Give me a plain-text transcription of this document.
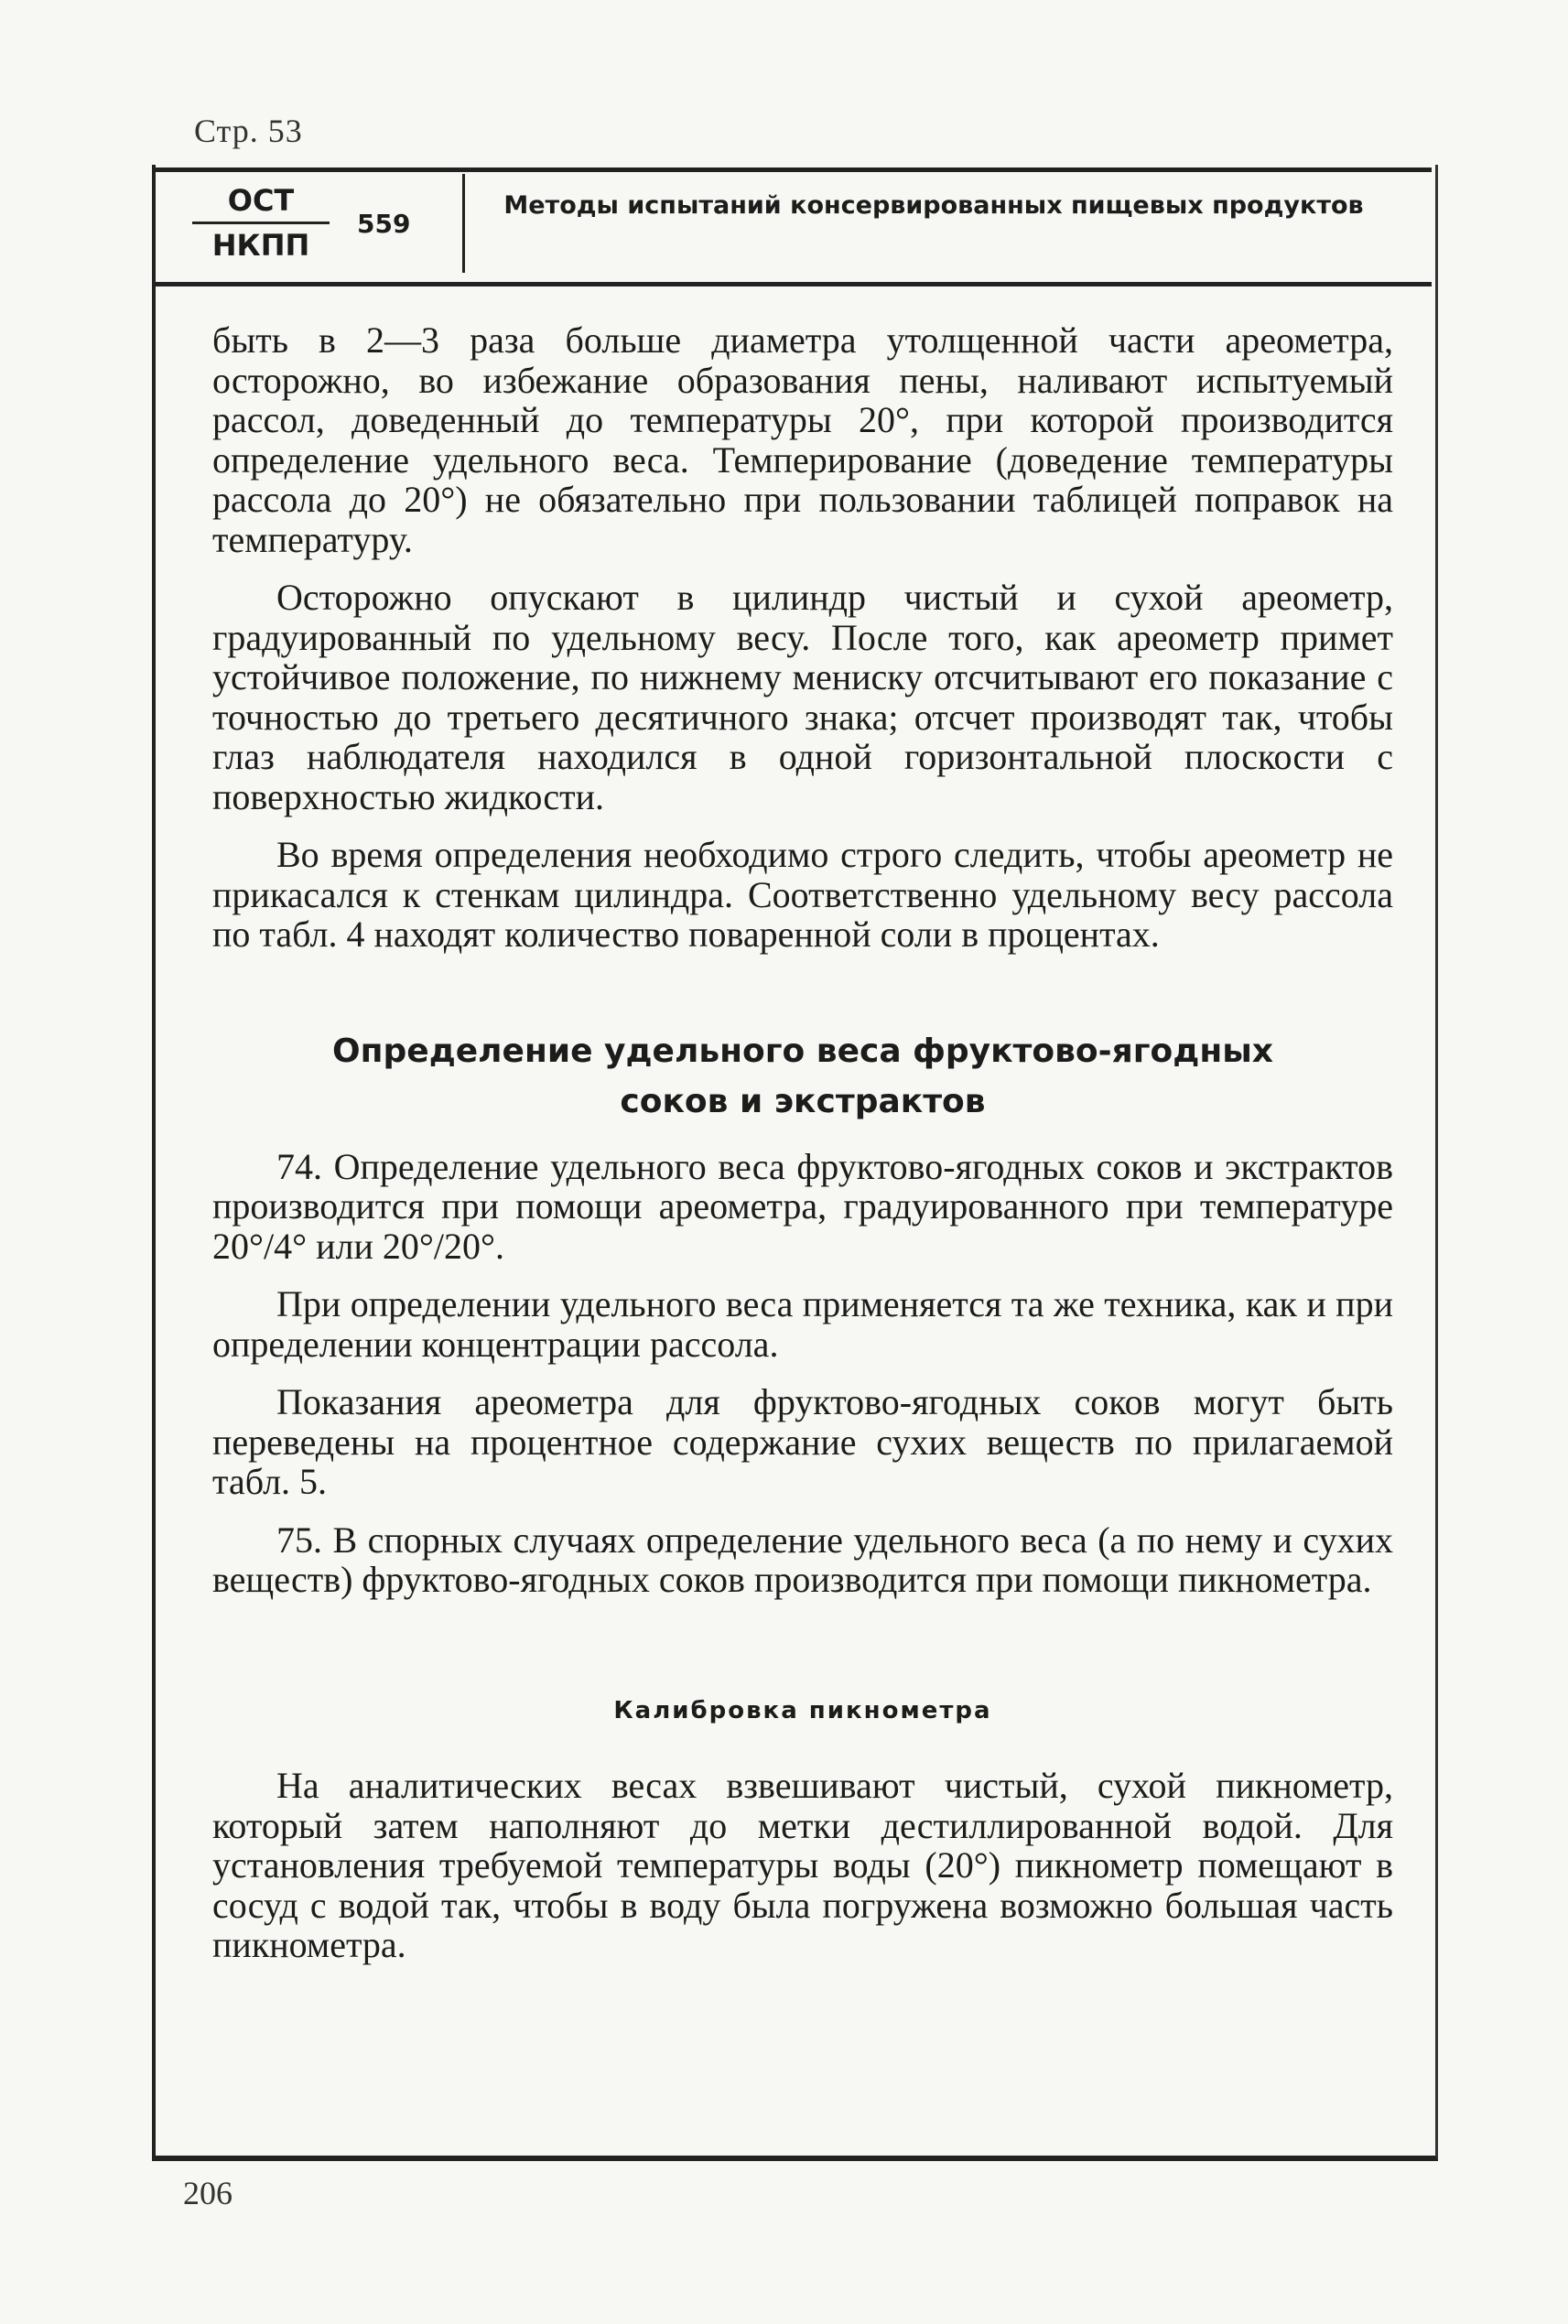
Стр. 53
ОСТ
НКПП
559
Методы испытаний консервированных пищевых продуктов

быть в 2—3 раза больше диаметра утолщенной части ареометра, осторожно, во избежание образования пены, наливают испытуемый рассол, доведенный до температуры 20°, при которой производится определение удельного веса. Темперирование (доведение температуры рассола до 20°) не обязательно при пользовании таблицей поправок на температуру.

Осторожно опускают в цилиндр чистый и сухой ареометр, градуированный по удельному весу. После того, как ареометр примет устойчивое положение, по нижнему мениску отсчитывают его показание с точностью до третьего десятичного знака; отсчет производят так, чтобы глаз наблюдателя находился в одной горизонтальной плоскости с поверхностью жидкости.

Во время определения необходимо строго следить, чтобы ареометр не прикасался к стенкам цилиндра. Соответственно удельному весу рассола по табл. 4 находят количество поваренной соли в процентах.

Определение удельного веса фруктово-ягодных
соков и экстрактов

74. Определение удельного веса фруктово-ягодных соков и экстрактов производится при помощи ареометра, градуированного при температуре 20°/4° или 20°/20°.

При определении удельного веса применяется та же техника, как и при определении концентрации рассола.

Показания ареометра для фруктово-ягодных соков могут быть переведены на процентное содержание сухих веществ по прилагаемой табл. 5.

75. В спорных случаях определение удельного веса (а по нему и сухих веществ) фруктово-ягодных соков производится при помощи пикнометра.

Калибровка пикнометра

На аналитических весах взвешивают чистый, сухой пикнометр, который затем наполняют до метки дестиллированной водой. Для установления требуемой температуры воды (20°) пикнометр помещают в сосуд с водой так, чтобы в воду была погружена возможно большая часть пикнометра.

206
